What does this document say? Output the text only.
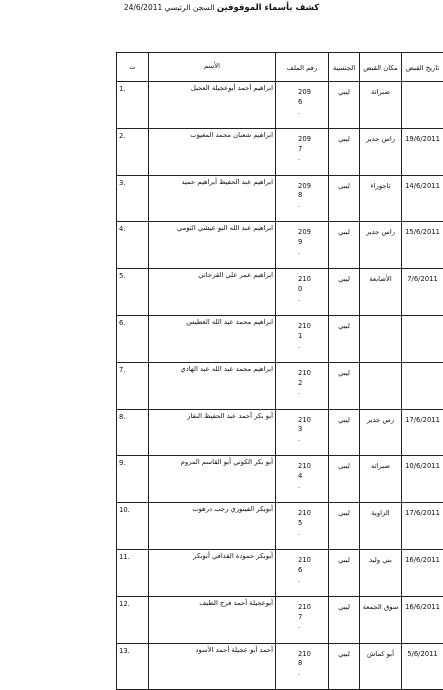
كشف بأسماء الموقوفين السجن الرئيسي 24/6/2011
تاريخ القبض	مكان القبض	الجنسية	رقم الملف	الأسم	ت
	صبراتة	ليبي	209
6
.	ابراهيم أحمد أبوعجيلة العجيل	1.
19/6/2011	راس جدير	ليبي	209
7
.	ابراهيم شعبان محمد المغيوب	2.
14/6/2011	تاجوراء	ليبي	209
8
.	ابراهيم عبد الحفيظ أبراهيم حميد	3.
15/6/2011	راس جدير	ليبي	209
9
.	ابراهيم عبد الله البو عيشي التومي	4.
7/6/2011	الأصابعة	ليبي	210
0
.	ابراهيم عمر علي القرجاني	5.
		ليبي	210
1
.	ابراهيم محمد عبد الله الغطيس	6.
		ليبي	210
2
.	ابراهيم محمد عبد الله عبد الهادي	7.
17/6/2011	رس جدير	ليبي	210
3
.	أبو بكر أحمد عبد الحفيظ النقار	8.
10/6/2011	صبراته	ليبي	210
4
.	أبو بكر الكوني أبو القاسم المروم	9.
17/6/2011	الزاوية	ليبي	210
5
.	أبوبكر الفيتوري رجب درهوب	10.
16/6/2011	بني وليد	ليبي	210
6
.	أبوبكر حمودة القذافي أبوبكر	11.
16/6/2011	سوق الجمعة	ليبي	210
7
.	أبوعجيلة أحمد فرج الطيف	12.
5/6/2011	أبو كماش	ليبي	210
8
.	أحمد أبو عجيلة أحمد الأسود	13.
